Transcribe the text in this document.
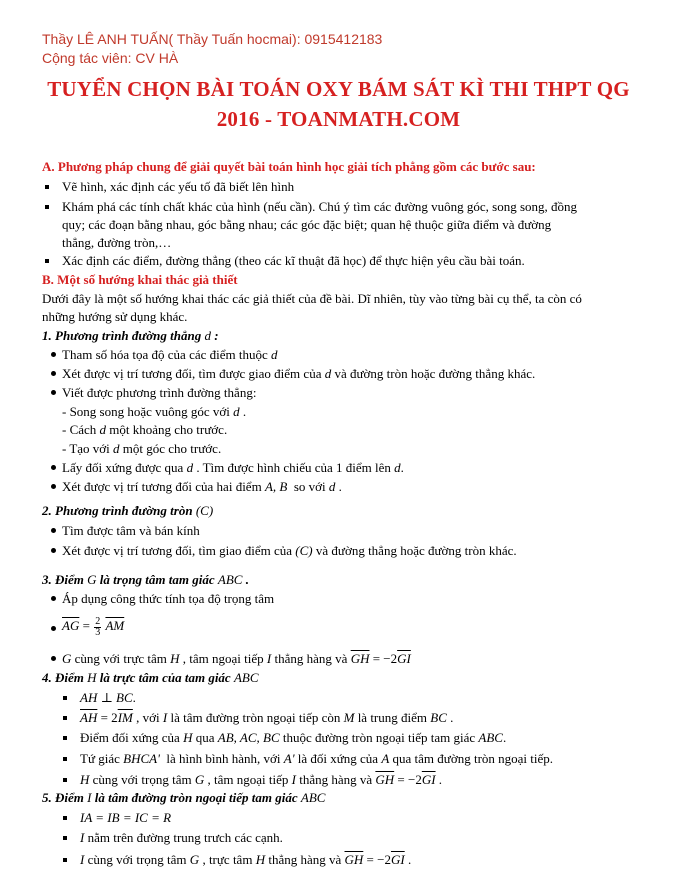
Thầy LÊ ANH TUẤN( Thầy Tuấn hocmai): 0915412183
Cộng tác viên: CV HÀ
TUYỂN CHỌN BÀI TOÁN OXY BÁM SÁT KÌ THI THPT QG
2016 - TOANMATH.COM
A. Phương pháp chung để giải quyết bài toán hình học giải tích phẳng gồm các bước sau:
Vẽ hình, xác định các yếu tố đã biết lên hình
Khám phá các tính chất khác của hình (nếu cần). Chú ý tìm các đường vuông góc, song song, đồng
quy; các đoạn bằng nhau, góc bằng nhau; các góc đặc biệt; quan hệ thuộc giữa điểm và đường
thẳng, đường tròn,…
Xác định các điểm, đường thẳng (theo các kĩ thuật đã học) để thực hiện yêu cầu bài toán.
B. Một số hướng khai thác giả thiết
Dưới đây là một số hướng khai thác các giả thiết của đề bài. Dĩ nhiên, tùy vào từng bài cụ thể, ta còn có
những hướng sử dụng khác.
1. Phương trình đường thẳng d :
Tham số hóa tọa độ của các điểm thuộc d
Xét được vị trí tương đối, tìm được giao điểm của d và đường tròn hoặc đường thẳng khác.
Viết được phương trình đường thẳng:
- Song song hoặc vuông góc với d .
- Cách d một khoảng cho trước.
- Tạo với d một góc cho trước.
Lấy đối xứng được qua d . Tìm được hình chiếu của 1 điểm lên d.
Xét được vị trí tương đối của hai điểm A, B so với d .
2. Phương trình đường tròn (C)
Tìm được tâm và bán kính
Xét được vị trí tương đối, tìm giao điểm của (C) và đường thẳng hoặc đường tròn khác.
3. Điểm G là trọng tâm tam giác ABC .
Áp dụng công thức tính tọa độ trọng tâm
$\overline{AG} = \frac{2}{3} \overline{AM}$
G cùng với trực tâm H , tâm ngoại tiếp I thẳng hàng và $\overline{GH} = -2\overline{GI}$
4. Điểm H là trực tâm của tam giác ABC
AH ⊥ BC.
$\overline{AH} = 2\overline{IM}$ , với I là tâm đường tròn ngoại tiếp còn M là trung điểm BC .
Điểm đối xứng của H qua AB, AC, BC thuộc đường tròn ngoại tiếp tam giác ABC.
Tứ giác BHCA' là hình bình hành, với A' là đối xứng của A qua tâm đường tròn ngoại tiếp.
H cùng với trọng tâm G , tâm ngoại tiếp I thẳng hàng và $\overline{GH} = -2\overline{GI}$ .
5. Điểm I là tâm đường tròn ngoại tiếp tam giác ABC
IA = IB = IC = R
I nằm trên đường trung trưch các cạnh.
I cùng với trọng tâm G , trực tâm H thẳng hàng và $\overline{GH} = -2\overline{GI}$ .
